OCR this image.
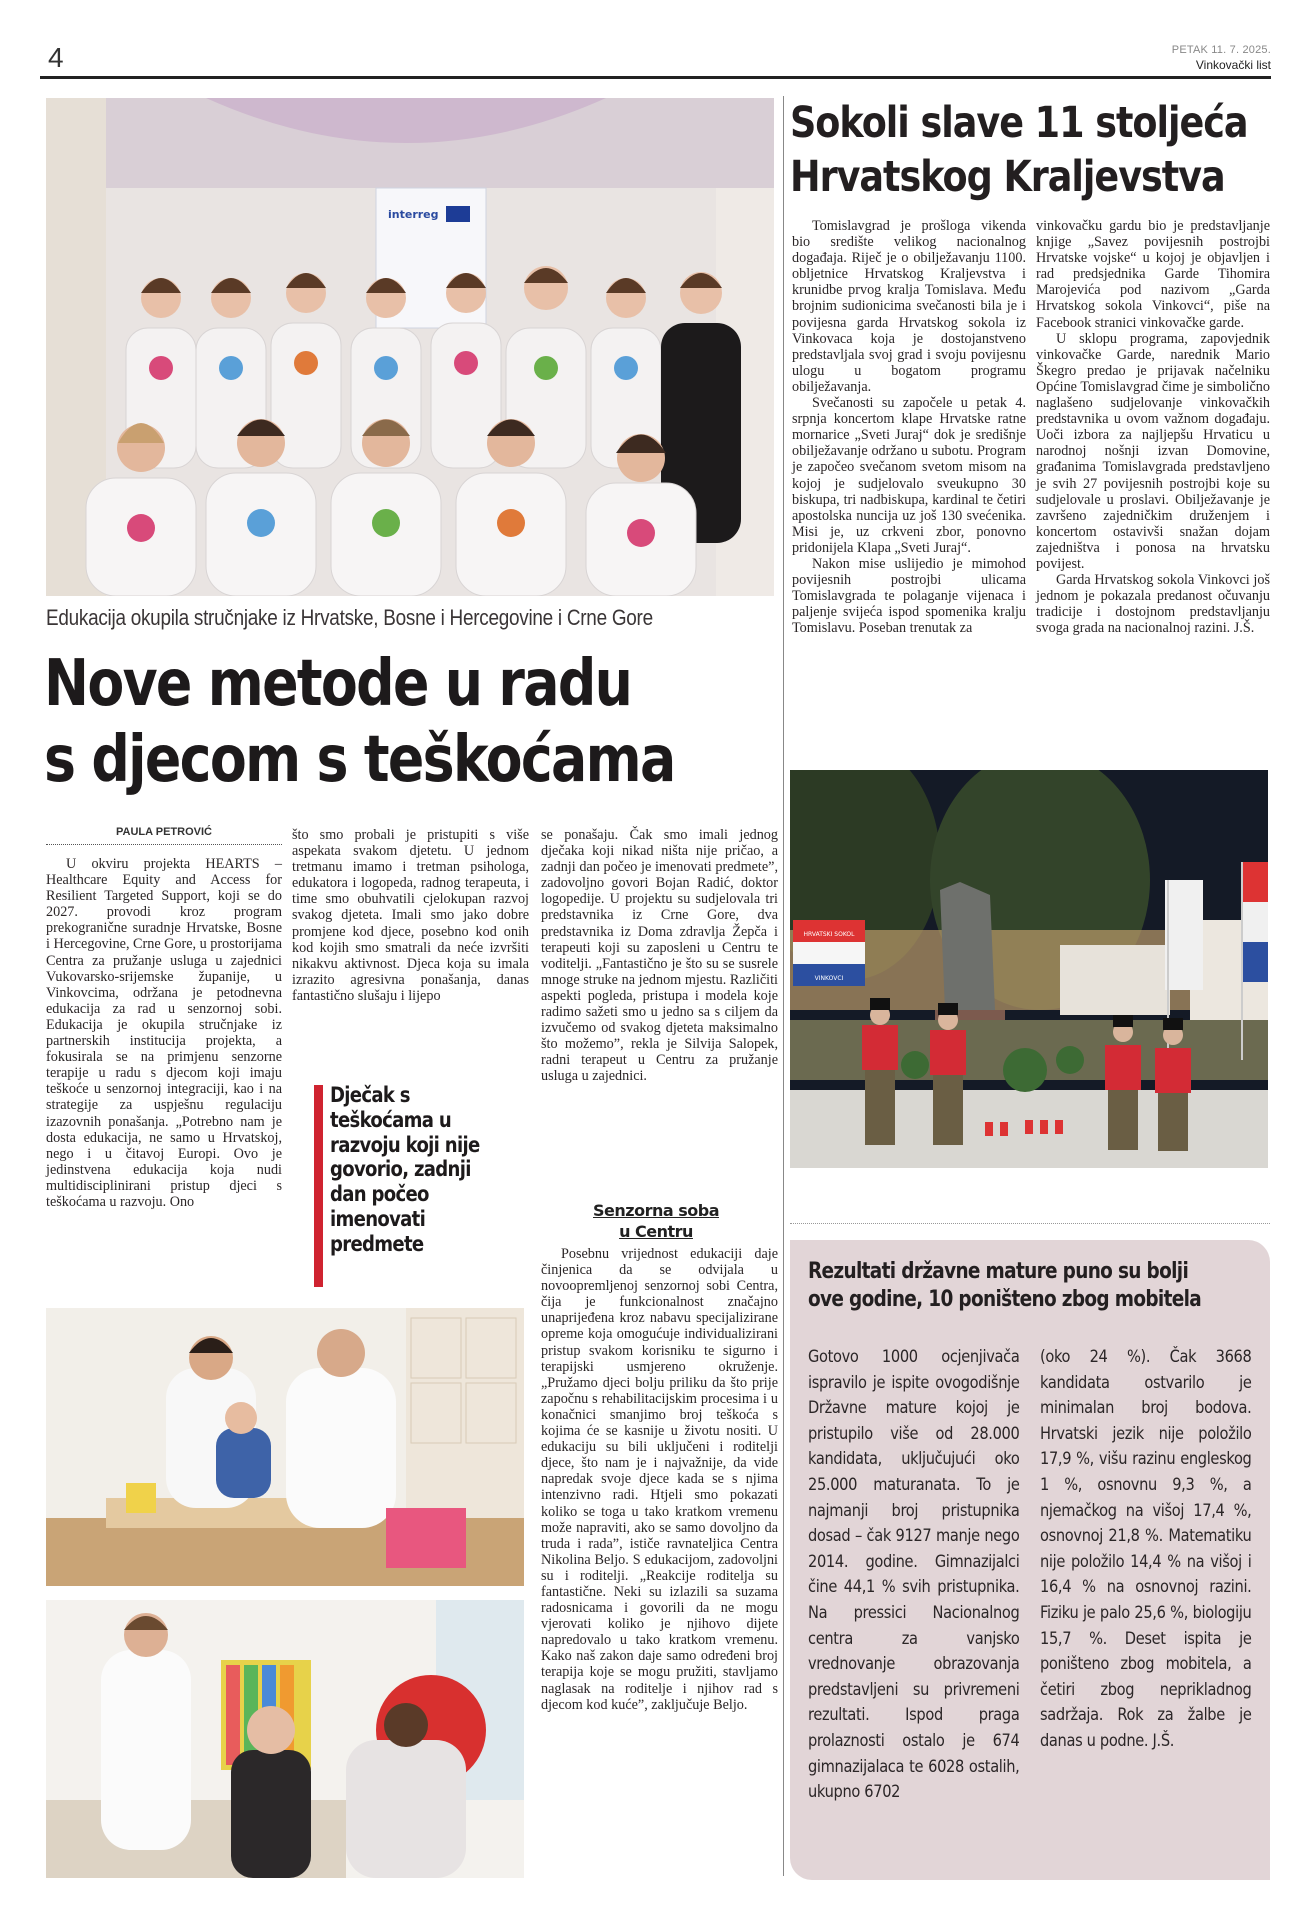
4	PETAK 11. 7. 2025.
Vinkovački list
interreg
Edukacija okupila stručnjake iz Hrvatske, Bosne i Hercegovine i Crne Gore
Nove metode u radu
s djecom s teškoćama
PAULA PETROVIĆ

U okviru projekta HEARTS – Healthcare Equity and Access for Resilient Targeted Support, koji se do 2027. provodi kroz program prekogranične suradnje Hrvatske, Bosne i Hercegovine, Crne Gore, u prostorijama Centra za pružanje usluga u zajednici Vukovarsko-srijemske županije, u Vinkovcima, održana je petodnevna edukacija za rad u senzornoj sobi. Edukacija je okupila stručnjake iz partnerskih institucija projekta, a fokusirala se na primjenu senzorne terapije u radu s djecom koji imaju teškoće u senzornoj integraciji, kao i na strategije za uspješnu regulaciju izazovnih ponašanja. „Potrebno nam je dosta edukacija, ne samo u Hrvatskoj, nego i u čitavoj Europi. Ovo je jedinstvena edukacija koja nudi multidisciplinirani pristup djeci s teškoćama u razvoju. Ono

što smo probali je pristupiti s više aspekata svakom djetetu. U jednom tretmanu imamo i tretman psihologa, edukatora i logopeda, radnog terapeuta, i time smo obuhvatili cjelokupan razvoj svakog djeteta. Imali smo jako dobre promjene kod djece, posebno kod onih kod kojih smo smatrali da neće izvršiti nikakvu aktivnost. Djeca koja su imala izrazito agresivna ponašanja, danas fantastično slušaju i lijepo

Dječak s teškoćama u razvoju koji nije govorio, zadnji dan počeo imenovati predmete

se ponašaju. Čak smo imali jednog dječaka koji nikad ništa nije pričao, a zadnji dan počeo je imenovati predmete”, zadovoljno govori Bojan Radić, doktor logopedije. U projektu su sudjelovala tri predstavnika iz Crne Gore, dva predstavnika iz Doma zdravlja Žepča i terapeuti koji su zaposleni u Centru te voditelji. „Fantastično je što su se susrele mnoge struke na jednom mjestu. Različiti aspekti pogleda, pristupa i modela koje radimo sažeti smo u jedno sa s ciljem da izvučemo od svakog djeteta maksimalno što možemo”, rekla je Silvija Salopek, radni terapeut u Centru za pružanje usluga u zajednici.

Senzorna soba
u Centru

Posebnu vrijednost edukaciji daje činjenica da se odvijala u novoopremljenoj senzornoj sobi Centra, čija je funkcionalnost značajno unaprijeđena kroz nabavu specijalizirane opreme koja omogućuje individualizirani pristup svakom korisniku te sigurno i terapijski usmjereno okruženje. „Pružamo djeci bolju priliku da što prije započnu s rehabilitacijskim procesima i u konačnici smanjimo broj teškoća s kojima će se kasnije u životu nositi. U edukaciju su bili uključeni i roditelji djece, što nam je i najvažnije, da vide napredak svoje djece kada se s njima intenzivno radi. Htjeli smo pokazati koliko se toga u tako kratkom vremenu može napraviti, ako se samo dovoljno da truda i rada”, ističe ravnateljica Centra Nikolina Beljo. S edukacijom, zadovoljni su i roditelji. „Reakcije roditelja su fantastične. Neki su izlazili sa suzama radosnicama i govorili da ne mogu vjerovati koliko je njihovo dijete napredovalo u tako kratkom vremenu. Kako naš zakon daje samo određeni broj terapija koje se mogu pružiti, stavljamo naglasak na roditelje i njihov rad s djecom kod kuće”, zaključuje Beljo.

Sokoli slave 11 stoljeća
Hrvatskog Kraljevstva

Tomislavgrad je prošloga vikenda bio središte velikog nacionalnog događaja. Riječ je o obilježavanju 1100. obljetnice Hrvatskog Kraljevstva i krunidbe prvog kralja Tomislava. Među brojnim sudionicima svečanosti bila je i povijesna garda Hrvatskog sokola iz Vinkovaca koja je dostojanstveno predstavljala svoj grad i svoju povijesnu ulogu u bogatom programu obilježavanja.

Svečanosti su započele u petak 4. srpnja koncertom klape Hrvatske ratne mornarice „Sveti Juraj“ dok je središnje obilježavanje održano u subotu. Program je započeo svečanom svetom misom na kojoj je sudjelovalo sveukupno 30 biskupa, tri nadbiskupa, kardinal te četiri apostolska nuncija uz još 130 svećenika. Misi je, uz crkveni zbor, ponovno pridonijela Klapa „Sveti Juraj“.

Nakon mise uslijedio je mimohod povijesnih postrojbi ulicama Tomislavgrada te polaganje vijenaca i paljenje svijeća ispod spomenika kralju Tomislavu. Poseban trenutak za

vinkovačku gardu bio je predstavljanje knjige „Savez povijesnih postrojbi Hrvatske vojske“ u kojoj je objavljen i rad predsjednika Garde Tihomira Marojevića pod nazivom „Garda Hrvatskog sokola Vinkovci“, piše na Facebook stranici vinkovačke garde.

U sklopu programa, zapovjednik vinkovačke Garde, narednik Mario Škegro predao je prijavak načelniku Općine Tomislavgrad čime je simbolično naglašeno sudjelovanje vinkovačkih predstavnika u ovom važnom događaju. Uoči izbora za najljepšu Hrvaticu u narodnoj nošnji izvan Domovine, građanima Tomislavgrada predstavljeno je svih 27 povijesnih postrojbi koje su sudjelovale u proslavi. Obilježavanje je završeno zajedničkim druženjem i koncertom ostavivši snažan dojam zajedništva i ponosa na hrvatsku povijest.

Garda Hrvatskog sokola Vinkovci još jednom je pokazala predanost očuvanju tradicije i dostojnom predstavljanju svoga grada na nacionalnoj razini. J.Š.

HRVATSKI SOKOL
VINKOVCI
Rezultati državne mature puno su bolji
ove godine, 10 poništeno zbog mobitela
Gotovo 1000 ocjenjivača ispravilo je ispite ovogodišnje Državne mature kojoj je pristupilo više od 28.000 kandidata, uključujući oko 25.000 maturanata. To je najmanji broj pristupnika dosad – čak 9127 manje nego 2014. godine. Gimnazijalci čine 44,1 % svih pristupnika. Na pressici Nacionalnog centra za vanjsko vrednovanje obrazovanja predstavljeni su privremeni rezultati. Ispod praga prolaznosti ostalo je 674 gimnazijalaca te 6028 ostalih, ukupno 6702
(oko 24 %). Čak 3668 kandidata ostvarilo je minimalan broj bodova. Hrvatski jezik nije položilo 17,9 %, višu razinu engleskog 1 %, osnovnu 9,3 %, a njemačkog na višoj 17,4 %, osnovnoj 21,8 %. Matematiku nije položilo 14,4 % na višoj i 16,4 % na osnovnoj razini. Fiziku je palo 25,6 %, biologiju 15,7 %. Deset ispita je poništeno zbog mobitela, a četiri zbog neprikladnog sadržaja. Rok za žalbe je danas u podne. J.Š.
